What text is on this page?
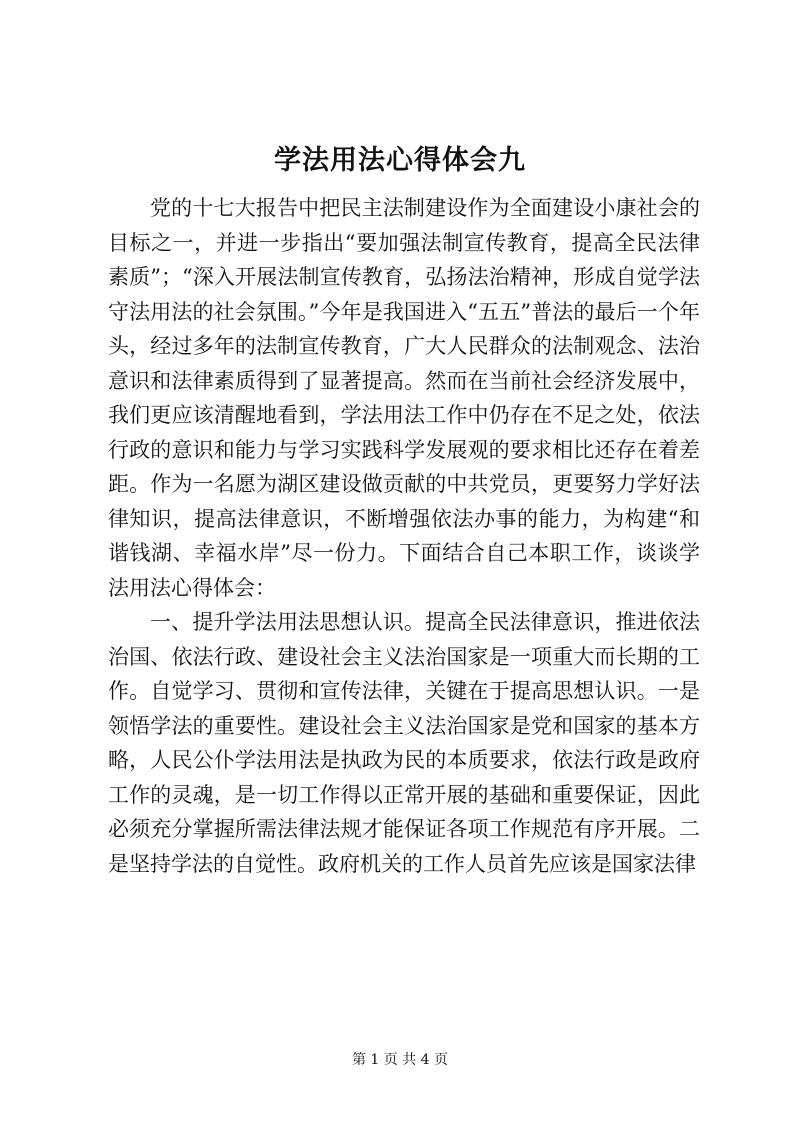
学法用法心得体会九

党的十七大报告中把民主法制建设作为全面建设小康社会的目标之一，并进一步指出“要加强法制宣传教育，提高全民法律素质”；“深入开展法制宣传教育，弘扬法治精神，形成自觉学法守法用法的社会氛围。”今年是我国进入“五五”普法的最后一个年头，经过多年的法制宣传教育，广大人民群众的法制观念、法治意识和法律素质得到了显著提高。然而在当前社会经济发展中，我们更应该清醒地看到，学法用法工作中仍存在不足之处，依法行政的意识和能力与学习实践科学发展观的要求相比还存在着差距。作为一名愿为湖区建设做贡献的中共党员，更要努力学好法律知识，提高法律意识，不断增强依法办事的能力，为构建“和谐钱湖、幸福水岸”尽一份力。下面结合自己本职工作，谈谈学法用法心得体会：

一、提升学法用法思想认识。提高全民法律意识，推进依法治国、依法行政、建设社会主义法治国家是一项重大而长期的工作。自觉学习、贯彻和宣传法律，关键在于提高思想认识。一是领悟学法的重要性。建设社会主义法治国家是党和国家的基本方略，人民公仆学法用法是执政为民的本质要求，依法行政是政府工作的灵魂，是一切工作得以正常开展的基础和重要保证，因此必须充分掌握所需法律法规才能保证各项工作规范有序开展。二是坚持学法的自觉性。政府机关的工作人员首先应该是国家法律

第 1 页 共 4 页
